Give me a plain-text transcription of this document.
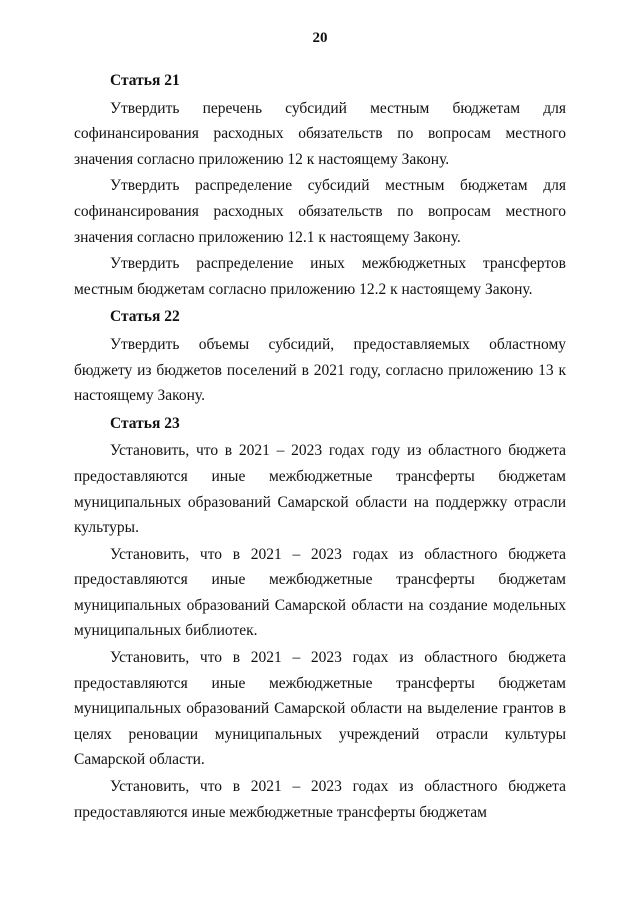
20
Статья 21

Утвердить перечень субсидий местным бюджетам для софинансирования расходных обязательств по вопросам местного значения согласно приложению 12 к настоящему Закону.

Утвердить распределение субсидий местным бюджетам для софинансирования расходных обязательств по вопросам местного значения согласно приложению 12.1 к настоящему Закону.

Утвердить распределение иных межбюджетных трансфертов местным бюджетам согласно приложению 12.2 к настоящему Закону.

Статья 22

Утвердить объемы субсидий, предоставляемых областному бюджету из бюджетов поселений в 2021 году, согласно приложению 13 к настоящему Закону.

Статья 23

Установить, что в 2021 – 2023 годах году из областного бюджета предоставляются иные межбюджетные трансферты бюджетам муниципальных образований Самарской области на поддержку отрасли культуры.

Установить, что в 2021 – 2023 годах из областного бюджета предоставляются иные межбюджетные трансферты бюджетам муниципальных образований Самарской области на создание модельных муниципальных библиотек.

Установить, что в 2021 – 2023 годах из областного бюджета предоставляются иные межбюджетные трансферты бюджетам муниципальных образований Самарской области на выделение грантов в целях реновации муниципальных учреждений отрасли культуры Самарской области.

Установить, что в 2021 – 2023 годах из областного бюджета предоставляются иные межбюджетные трансферты бюджетам
